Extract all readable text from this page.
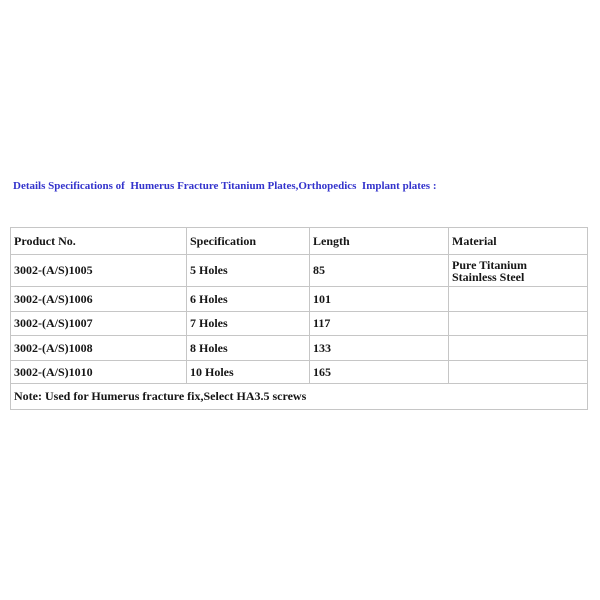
Details Specifications of  Humerus Fracture Titanium Plates,Orthopedics  Implant plates :
Product No.	Specification	Length	Material
3002-(A/S)1005	5 Holes	85	Pure Titanium
Stainless Steel

3002-(A/S)1006	6 Holes	101	
3002-(A/S)1007	7 Holes	117	
3002-(A/S)1008	8 Holes	133	
3002-(A/S)1010	10 Holes	165	
Note: Used for Humerus fracture fix,Select HA3.5 screws			
